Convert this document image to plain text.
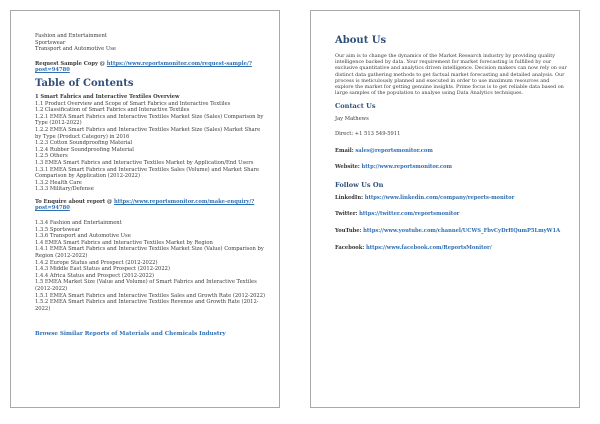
Fashion and Entertainment
Sportswear
Transport and Automotive Use
Request Sample Copy @ https://www.reportsmonitor.com/request-sample/?post=94780
Table of Contents
1 Smart Fabrics and Interactive Textiles Overview
1.1 Product Overview and Scope of Smart Fabrics and Interactive Textiles
1.2 Classification of Smart Fabrics and Interactive Textiles
1.2.1 EMEA Smart Fabrics and Interactive Textiles Market Size (Sales) Comparison by Type (2012-2022)
1.2.2 EMEA Smart Fabrics and Interactive Textiles Market Size (Sales) Market Share by Type (Product Category) in 2016
1.2.3 Cotton Soundproofing Material
1.2.4 Rubber Soundproofing Material
1.2.5 Others
1.3 EMEA Smart Fabrics and Interactive Textiles Market by Application/End Users
1.3.1 EMEA Smart Fabrics and Interactive Textiles Sales (Volume) and Market Share Comparison by Application (2012-2022)
1.3.2 Health Care
1.3.3 Military/Defense
To Enquire about report @ https://www.reportsmonitor.com/make-enquiry/?post=94780
1.3.4 Fashion and Entertainment
1.3.5 Sportswear
1.3.6 Transport and Automotive Use
1.4 EMEA Smart Fabrics and Interactive Textiles Market by Region
1.4.1 EMEA Smart Fabrics and Interactive Textiles Market Size (Value) Comparison by Region (2012-2022)
1.4.2 Europe Status and Prospect (2012-2022)
1.4.3 Middle East Status and Prospect (2012-2022)
1.4.4 Africa Status and Prospect (2012-2022)
1.5 EMEA Market Size (Value and Volume) of Smart Fabrics and Interactive Textiles (2012-2022)
1.5.1 EMEA Smart Fabrics and Interactive Textiles Sales and Growth Rate (2012-2022)
1.5.2 EMEA Smart Fabrics and Interactive Textiles Revenue and Growth Rate (2012-2022)
Browse Similar Reports of Materials and Chemicals Industry
About Us
Our aim is to change the dynamics of the Market Research industry by providing quality intelligence backed by data. Your requirement for market forecasting is fulfilled by our exclusive quantitative and analytics driven intelligence. Decision makers can now rely on our distinct data gathering methods to get factual market forecasting and detailed analysis. Our process is meticulously planned and executed in order to use maximum resources and explore the market for getting genuine insights. Prime focus is to get reliable data based on large samples of the population to analyse using Data Analytics techniques.
Contact Us
Jay Mathews
Direct: +1 513 549-5911
Email: sales@reportsmonitor.com
Website: http://www.reportsmonitor.com
Follow Us On
LinkedIn: https://www.linkedin.com/company/reports-monitor
Twitter: https://twitter.com/reportsmonitor
YouTube: https://www.youtube.com/channel/UCWS_FbvCyDrHQumP5LmyW1A
Facebook: https://www.facebook.com/ReportsMonitor/
